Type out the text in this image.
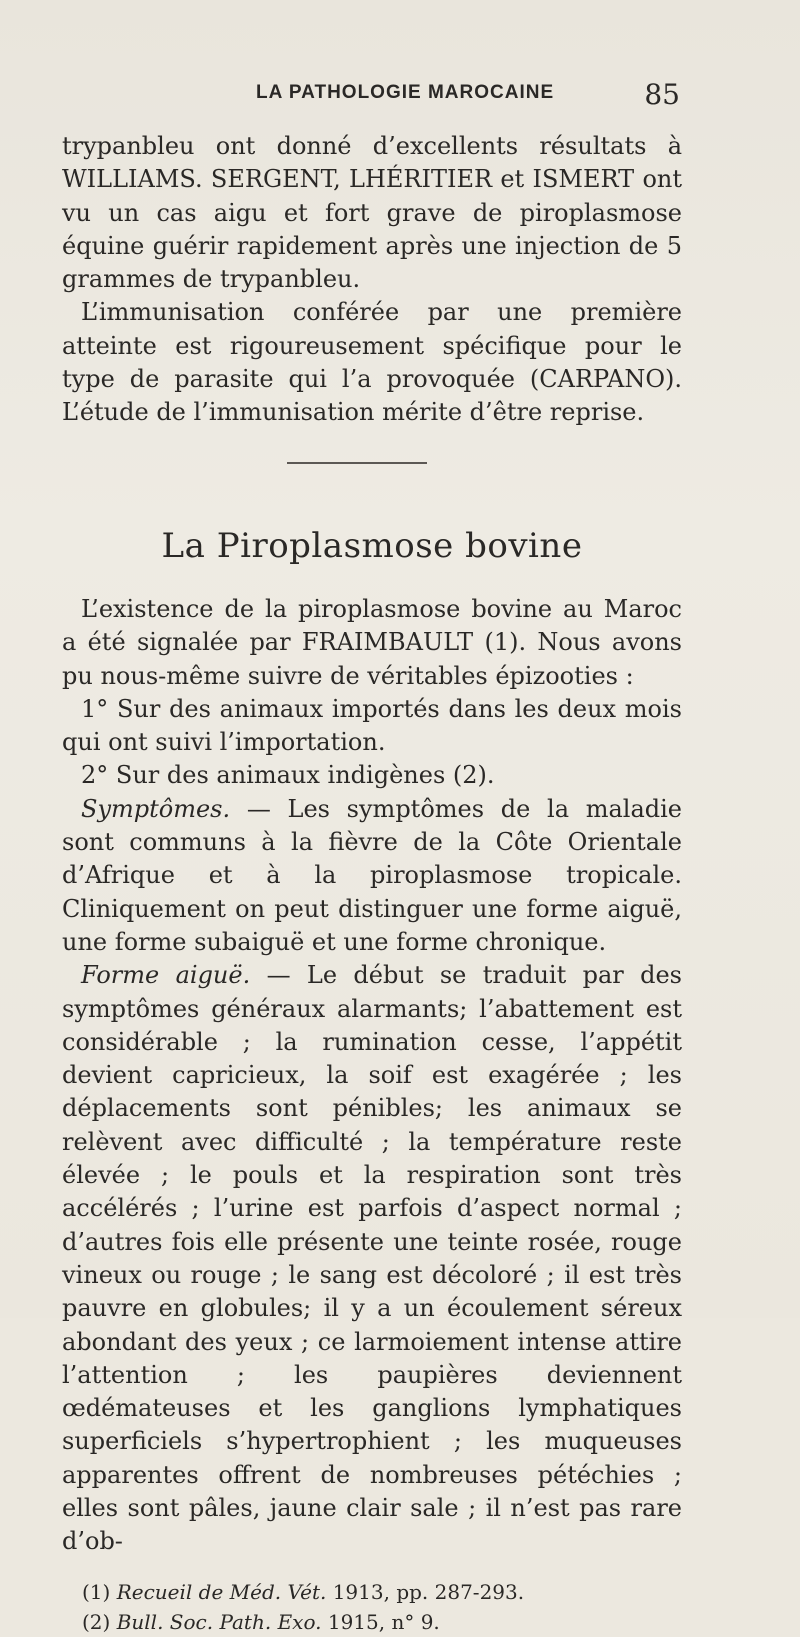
LA PATHOLOGIE MAROCAINE	85

trypanbleu ont donné d’excellents résultats à WILLIAMS. SERGENT, LHÉRITIER et ISMERT ont vu un cas aigu et fort grave de piroplasmose équine guérir rapidement après une injection de 5 grammes de trypanbleu.

L’immunisation conférée par une première atteinte est rigoureusement spécifique pour le type de parasite qui l’a provoquée (CARPANO). L’étude de l’immunisation mérite d’être reprise.

La Piroplasmose bovine

L’existence de la piroplasmose bovine au Maroc a été signalée par FRAIMBAULT (1). Nous avons pu nous-même suivre de véritables épizooties :

1° Sur des animaux importés dans les deux mois qui ont suivi l’importation.

2° Sur des animaux indigènes (2).

Symptômes. — Les symptômes de la maladie sont communs à la fièvre de la Côte Orientale d’Afrique et à la piroplasmose tropicale. Cliniquement on peut distinguer une forme aiguë, une forme subaiguë et une forme chronique.

Forme aiguë. — Le début se traduit par des symptômes généraux alarmants; l’abattement est considérable ; la rumination cesse, l’appétit devient capricieux, la soif est exagérée ; les déplacements sont pénibles; les animaux se relèvent avec difficulté ; la température reste élevée ; le pouls et la respiration sont très accélérés ; l’urine est parfois d’aspect normal ; d’autres fois elle présente une teinte rosée, rouge vineux ou rouge ; le sang est décoloré ; il est très pauvre en globules; il y a un écoulement séreux abondant des yeux ; ce larmoiement intense attire l’attention ; les paupières deviennent œdémateuses et les ganglions lymphatiques superficiels s’hypertrophient ; les muqueuses apparentes offrent de nombreuses pétéchies ; elles sont pâles, jaune clair sale ; il n’est pas rare d’ob-

(1) Recueil de Méd. Vét. 1913, pp. 287-293.

(2) Bull. Soc. Path. Exo. 1915, n° 9.
